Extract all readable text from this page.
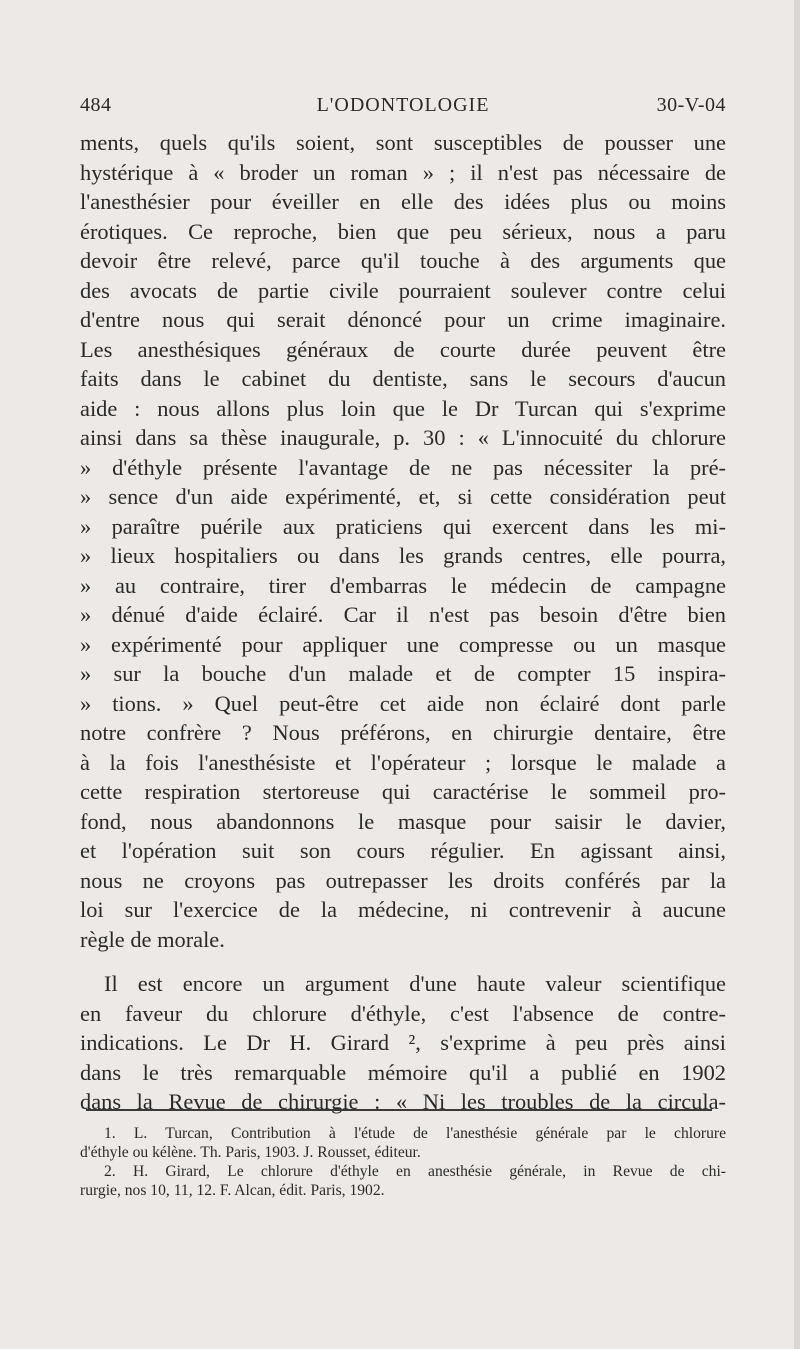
484	L'ODONTOLOGIE	30-V-04
ments, quels qu'ils soient, sont susceptibles de pousser une
hystérique à « broder un roman » ; il n'est pas nécessaire de
l'anesthésier pour éveiller en elle des idées plus ou moins
érotiques. Ce reproche, bien que peu sérieux, nous a paru
devoir être relevé, parce qu'il touche à des arguments que
des avocats de partie civile pourraient soulever contre celui
d'entre nous qui serait dénoncé pour un crime imaginaire.
Les anesthésiques généraux de courte durée peuvent être
faits dans le cabinet du dentiste, sans le secours d'aucun
aide : nous allons plus loin que le Dr Turcan qui s'exprime
ainsi dans sa thèse inaugurale, p. 30 : « L'innocuité du chlorure
» d'éthyle présente l'avantage de ne pas nécessiter la pré-
» sence d'un aide expérimenté, et, si cette considération peut
» paraître puérile aux praticiens qui exercent dans les mi-
» lieux hospitaliers ou dans les grands centres, elle pourra,
» au contraire, tirer d'embarras le médecin de campagne
» dénué d'aide éclairé. Car il n'est pas besoin d'être bien
» expérimenté pour appliquer une compresse ou un masque
» sur la bouche d'un malade et de compter 15 inspira-
» tions. » Quel peut-être cet aide non éclairé dont parle
notre confrère ? Nous préférons, en chirurgie dentaire, être
à la fois l'anesthésiste et l'opérateur ; lorsque le malade a
cette respiration stertoreuse qui caractérise le sommeil pro-
fond, nous abandonnons le masque pour saisir le davier,
et l'opération suit son cours régulier. En agissant ainsi,
nous ne croyons pas outrepasser les droits conférés par la
loi sur l'exercice de la médecine, ni contrevenir à aucune
règle de morale.
Il est encore un argument d'une haute valeur scientifique
en faveur du chlorure d'éthyle, c'est l'absence de contre-
indications. Le Dr H. Girard ², s'exprime à peu près ainsi
dans le très remarquable mémoire qu'il a publié en 1902
dans la Revue de chirurgie : « Ni les troubles de la circula-
1. L. Turcan, Contribution à l'étude de l'anesthésie générale par le chlorure
d'éthyle ou kélène. Th. Paris, 1903. J. Rousset, éditeur.
2. H. Girard, Le chlorure d'éthyle en anesthésie générale, in Revue de chi-
rurgie, nos 10, 11, 12. F. Alcan, édit. Paris, 1902.
